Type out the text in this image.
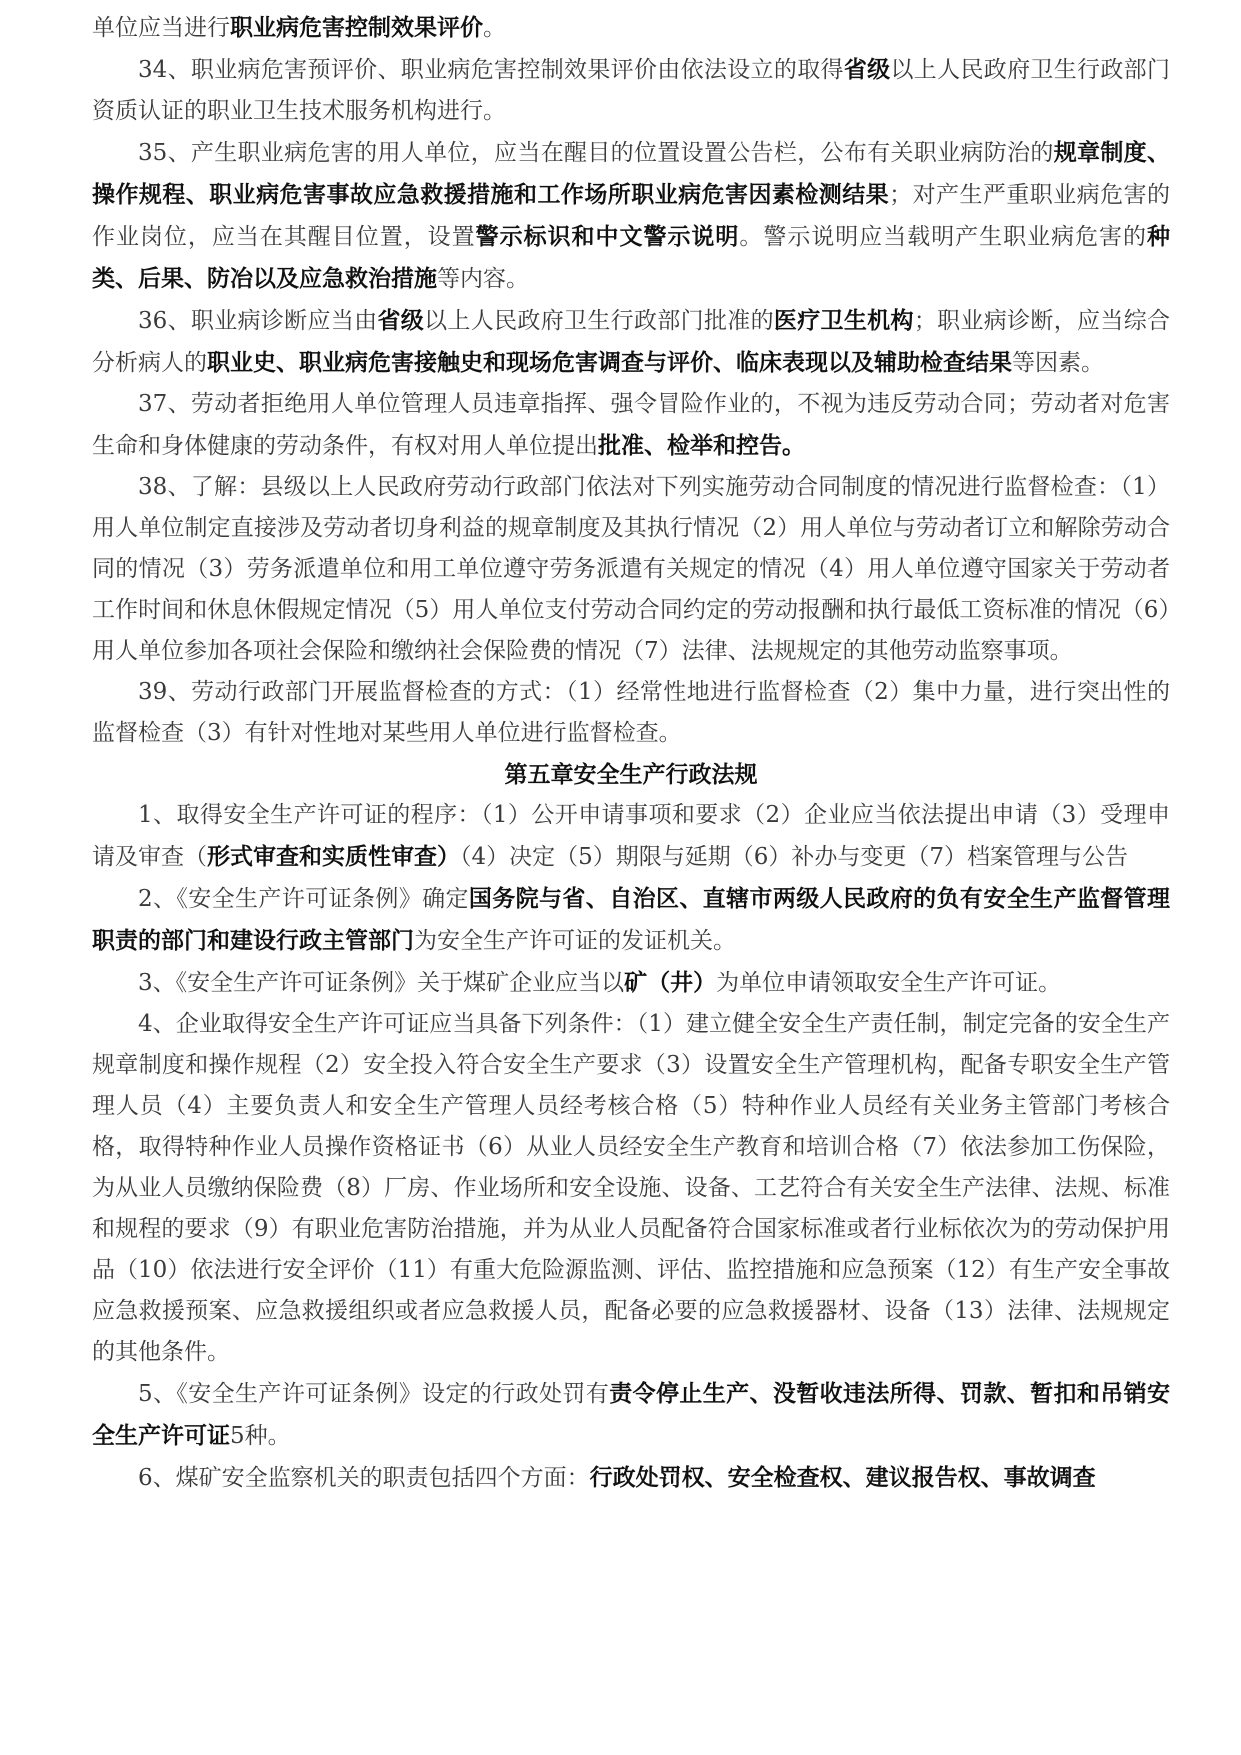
单位应当进行职业病危害控制效果评价。

34、职业病危害预评价、职业病危害控制效果评价由依法设立的取得省级以上人民政府卫生行政部门资质认证的职业卫生技术服务机构进行。

35、产生职业病危害的用人单位，应当在醒目的位置设置公告栏，公布有关职业病防治的规章制度、操作规程、职业病危害事故应急救援措施和工作场所职业病危害因素检测结果；对产生严重职业病危害的作业岗位，应当在其醒目位置，设置警示标识和中文警示说明。警示说明应当载明产生职业病危害的种类、后果、防冶以及应急救治措施等内容。

36、职业病诊断应当由省级以上人民政府卫生行政部门批准的医疗卫生机构；职业病诊断，应当综合分析病人的职业史、职业病危害接触史和现场危害调查与评价、临床表现以及辅助检查结果等因素。

37、劳动者拒绝用人单位管理人员违章指挥、强令冒险作业的，不视为违反劳动合同；劳动者对危害生命和身体健康的劳动条件，有权对用人单位提出批准、检举和控告。

38、了解：县级以上人民政府劳动行政部门依法对下列实施劳动合同制度的情况进行监督检查：（1）用人单位制定直接涉及劳动者切身利益的规章制度及其执行情况（2）用人单位与劳动者订立和解除劳动合同的情况（3）劳务派遣单位和用工单位遵守劳务派遣有关规定的情况（4）用人单位遵守国家关于劳动者工作时间和休息休假规定情况（5）用人单位支付劳动合同约定的劳动报酬和执行最低工资标准的情况（6）用人单位参加各项社会保险和缴纳社会保险费的情况（7）法律、法规规定的其他劳动监察事项。

39、劳动行政部门开展监督检查的方式：（1）经常性地进行监督检查（2）集中力量，进行突出性的监督检查（3）有针对性地对某些用人单位进行监督检查。

第五章安全生产行政法规

1、取得安全生产许可证的程序：（1）公开申请事项和要求（2）企业应当依法提出申请（3）受理申请及审查（形式审查和实质性审查）（4）决定（5）期限与延期（6）补办与变更（7）档案管理与公告

2、《安全生产许可证条例》确定国务院与省、自治区、直辖市两级人民政府的负有安全生产监督管理职责的部门和建设行政主管部门为安全生产许可证的发证机关。

3、《安全生产许可证条例》关于煤矿企业应当以矿（井）为单位申请领取安全生产许可证。

4、企业取得安全生产许可证应当具备下列条件：（1）建立健全安全生产责任制，制定完备的安全生产规章制度和操作规程（2）安全投入符合安全生产要求（3）设置安全生产管理机构，配备专职安全生产管理人员（4）主要负责人和安全生产管理人员经考核合格（5）特种作业人员经有关业务主管部门考核合格，取得特种作业人员操作资格证书（6）从业人员经安全生产教育和培训合格（7）依法参加工伤保险，为从业人员缴纳保险费（8）厂房、作业场所和安全设施、设备、工艺符合有关安全生产法律、法规、标准和规程的要求（9）有职业危害防治措施，并为从业人员配备符合国家标准或者行业标依次为的劳动保护用品（10）依法进行安全评价（11）有重大危险源监测、评估、监控措施和应急预案（12）有生产安全事故应急救援预案、应急救援组织或者应急救援人员，配备必要的应急救援器材、设备（13）法律、法规规定的其他条件。

5、《安全生产许可证条例》设定的行政处罚有责令停止生产、没暂收违法所得、罚款、暂扣和吊销安全生产许可证5种。

6、煤矿安全监察机关的职责包括四个方面：行政处罚权、安全检查权、建议报告权、事故调查
